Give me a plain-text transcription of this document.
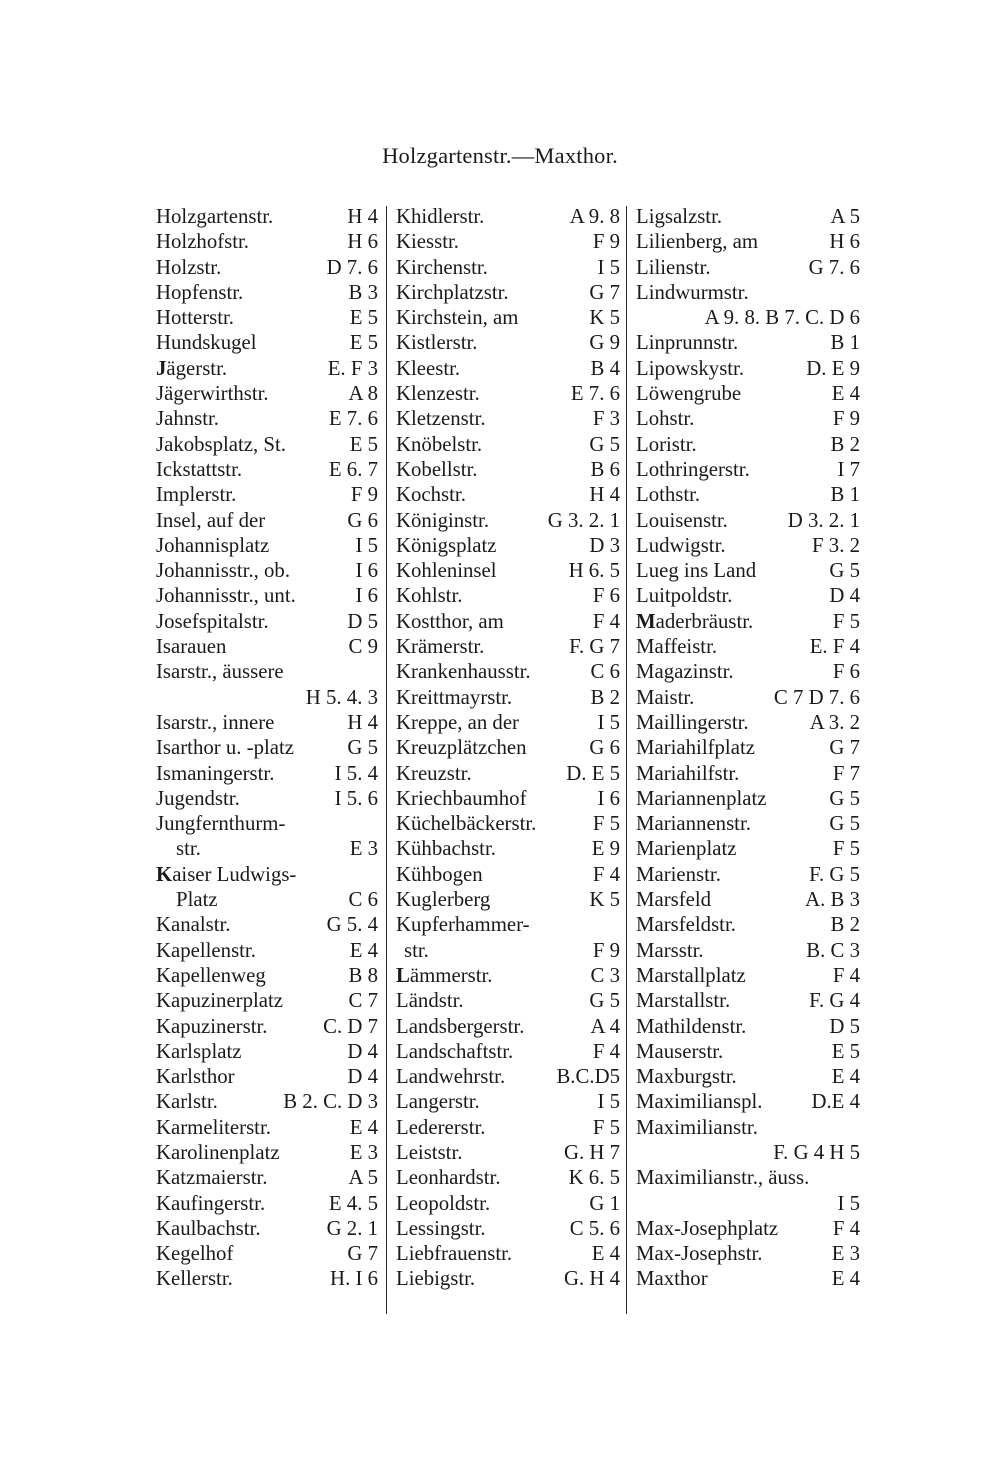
Holzgartenstr.—Maxthor.
Holzgartenstr.	H 4
Holzhofstr.	H 6
Holzstr.	D 7. 6
Hopfenstr.	B 3
Hotterstr.	E 5
Hundskugel	E 5
Jägerstr.	E. F 3
Jägerwirthstr.	A 8
Jahnstr.	E 7. 6
Jakobsplatz, St.	E 5
Ickstattstr.	E 6. 7
Implerstr.	F 9
Insel, auf der	G 6
Johannisplatz	I 5
Johannisstr., ob.	I 6
Johannisstr., unt.	I 6
Josefspitalstr.	D 5
Isarauen	C 9
Isarstr., äussere
H 5. 4. 3
Isarstr., innere	H 4
Isarthor u. -platz	G 5
Ismaningerstr.	I 5. 4
Jugendstr.	I 5. 6
Jungfernthurm-
str.	E 3
Kaiser Ludwigs-
Platz	C 6
Kanalstr.	G 5. 4
Kapellenstr.	E 4
Kapellenweg	B 8
Kapuzinerplatz	C 7
Kapuzinerstr.	C. D 7
Karlsplatz	D 4
Karlsthor	D 4
Karlstr.	B 2. C. D 3
Karmeliterstr.	E 4
Karolinenplatz	E 3
Katzmaierstr.	A 5
Kaufingerstr.	E 4. 5
Kaulbachstr.	G 2. 1
Kegelhof	G 7
Kellerstr.	H. I 6
Khidlerstr.	A 9. 8
Kiesstr.	F 9
Kirchenstr.	I 5
Kirchplatzstr.	G 7
Kirchstein, am	K 5
Kistlerstr.	G 9
Kleestr.	B 4
Klenzestr.	E 7. 6
Kletzenstr.	F 3
Knöbelstr.	G 5
Kobellstr.	B 6
Kochstr.	H 4
Königinstr.	G 3. 2. 1
Königsplatz	D 3
Kohleninsel	H 6. 5
Kohlstr.	F 6
Kostthor, am	F 4
Krämerstr.	F. G 7
Krankenhausstr.	C 6
Kreittmayrstr.	B 2
Kreppe, an der	I 5
Kreuzplätzchen	G 6
Kreuzstr.	D. E 5
Kriechbaumhof	I 6
Küchelbäckerstr.	F 5
Kühbachstr.	E 9
Kühbogen	F 4
Kuglerberg	K 5
Kupferhammer-
str.	F 9
Lämmerstr.	C 3
Ländstr.	G 5
Landsbergerstr.	A 4
Landschaftstr.	F 4
Landwehrstr. B.C.D5
Langerstr.	I 5
Ledererstr.	F 5
Leiststr.	G. H 7
Leonhardstr.	K 6. 5
Leopoldstr.	G 1
Lessingstr.	C 5. 6
Liebfrauenstr.	E 4
Liebigstr.	G. H 4
Ligsalzstr.	A 5
Lilienberg, am	H 6
Lilienstr.	G 7. 6
Lindwurmstr.
A 9. 8. B 7. C. D 6
Linprunnstr.	B 1
Lipowskystr.	D. E 9
Löwengrube	E 4
Lohstr.	F 9
Loristr.	B 2
Lothringerstr.	I 7
Lothstr.	B 1
Louisenstr.	D 3. 2. 1
Ludwigstr.	F 3. 2
Lueg ins Land	G 5
Luitpoldstr.	D 4
Maderbräustr.	F 5
Maffeistr.	E. F 4
Magazinstr.	F 6
Maistr.	C 7 D 7. 6
Maillingerstr.	A 3. 2
Mariahilfplatz	G 7
Mariahilfstr.	F 7
Mariannenplatz	G 5
Mariannenstr.	G 5
Marienplatz	F 5
Marienstr.	F. G 5
Marsfeld	A. B 3
Marsfeldstr.	B 2
Marsstr.	B. C 3
Marstallplatz	F 4
Marstallstr.	F. G 4
Mathildenstr.	D 5
Mauserstr.	E 5
Maxburgstr.	E 4
Maximilianspl. D.E 4
Maximilianstr.
F. G 4 H 5
Maximilianstr., äuss.
I 5
Max-Josephplatz	F 4
Max-Josephstr.	E 3
Maxthor	E 4
